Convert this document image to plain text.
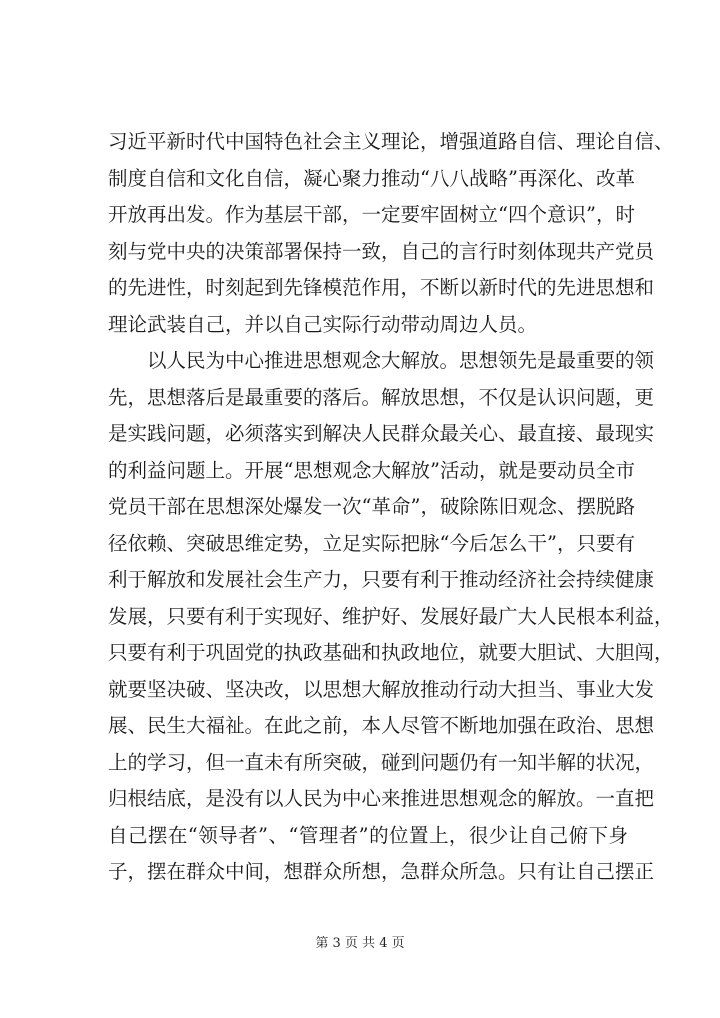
习近平新时代中国特色社会主义理论，增强道路自信、理论自信、
制度自信和文化自信，凝心聚力推动“八八战略”再深化、改革
开放再出发。作为基层干部，一定要牢固树立“四个意识”，时
刻与党中央的决策部署保持一致，自己的言行时刻体现共产党员
的先进性，时刻起到先锋模范作用，不断以新时代的先进思想和
理论武装自己，并以自己实际行动带动周边人员。
以人民为中心推进思想观念大解放。思想领先是最重要的领
先，思想落后是最重要的落后。解放思想，不仅是认识问题，更
是实践问题，必须落实到解决人民群众最关心、最直接、最现实
的利益问题上。开展“思想观念大解放”活动，就是要动员全市
党员干部在思想深处爆发一次“革命”，破除陈旧观念、摆脱路
径依赖、突破思维定势，立足实际把脉“今后怎么干”，只要有
利于解放和发展社会生产力，只要有利于推动经济社会持续健康
发展，只要有利于实现好、维护好、发展好最广大人民根本利益，
只要有利于巩固党的执政基础和执政地位，就要大胆试、大胆闯，
就要坚决破、坚决改，以思想大解放推动行动大担当、事业大发
展、民生大福祉。在此之前，本人尽管不断地加强在政治、思想
上的学习，但一直未有所突破，碰到问题仍有一知半解的状况，
归根结底，是没有以人民为中心来推进思想观念的解放。一直把
自己摆在“领导者”、“管理者”的位置上，很少让自己俯下身
子，摆在群众中间，想群众所想，急群众所急。只有让自己摆正
第 3 页 共 4 页
